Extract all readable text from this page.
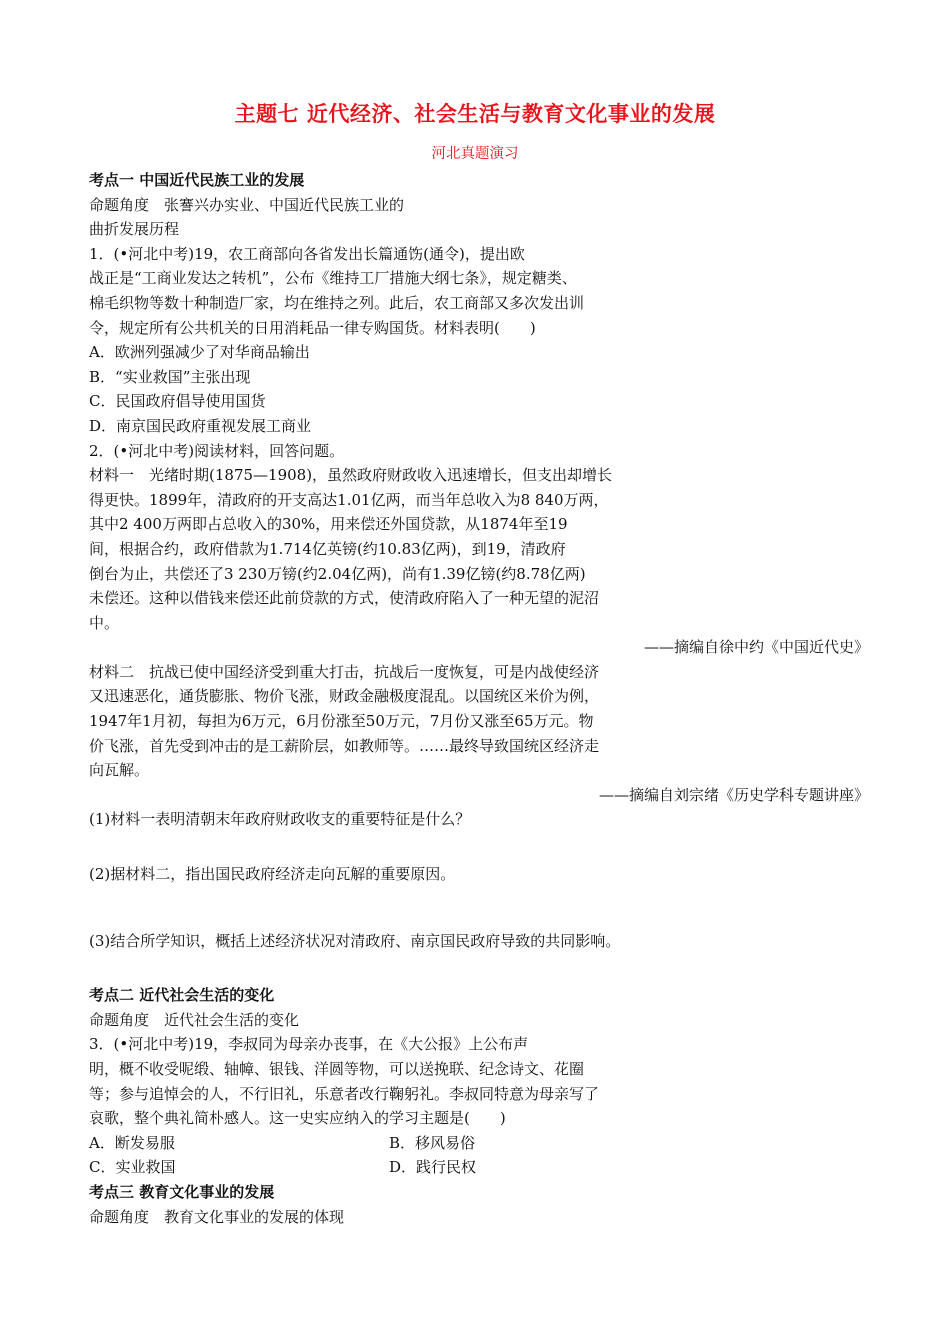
主题七 近代经济、社会生活与教育文化事业的发展
河北真题演习
考点一 中国近代民族工业的发展
命题角度　张謇兴办实业、中国近代民族工业的
曲折发展历程
1．(•河北中考)19，农工商部向各省发出长篇通饬(通令)，提出欧
战正是“工商业发达之转机”，公布《维持工厂措施大纲七条》，规定糖类、
棉毛织物等数十种制造厂家，均在维持之列。此后，农工商部又多次发出训
令，规定所有公共机关的日用消耗品一律专购国货。材料表明(　　)
A．欧洲列强减少了对华商品输出
B．“实业救国”主张出现
C．民国政府倡导使用国货
D．南京国民政府重视发展工商业
2．(•河北中考)阅读材料，回答问题。
材料一　光绪时期(1875—1908)，虽然政府财政收入迅速增长，但支出却增长
得更快。1899年，清政府的开支高达1.01亿两，而当年总收入为8 840万两，
其中2 400万两即占总收入的30%，用来偿还外国贷款，从1874年至19
间，根据合约，政府借款为1.714亿英镑(约10.83亿两)，到19，清政府
倒台为止，共偿还了3 230万镑(约2.04亿两)，尚有1.39亿镑(约8.78亿两)
未偿还。这种以借钱来偿还此前贷款的方式，使清政府陷入了一种无望的泥沼
中。
——摘编自徐中约《中国近代史》
材料二　抗战已使中国经济受到重大打击，抗战后一度恢复，可是内战使经济
又迅速恶化，通货膨胀、物价飞涨，财政金融极度混乱。以国统区米价为例，
1947年1月初，每担为6万元，6月份涨至50万元，7月份又涨至65万元。物
价飞涨，首先受到冲击的是工薪阶层，如教师等。……最终导致国统区经济走
向瓦解。
——摘编自刘宗绪《历史学科专题讲座》
(1)材料一表明清朝末年政府财政收支的重要特征是什么？
(2)据材料二，指出国民政府经济走向瓦解的重要原因。
(3)结合所学知识，概括上述经济状况对清政府、南京国民政府导致的共同影响。
考点二 近代社会生活的变化
命题角度　近代社会生活的变化
3．(•河北中考)19，李叔同为母亲办丧事，在《大公报》上公布声
明，概不收受呢缎、轴幛、银钱、洋圆等物，可以送挽联、纪念诗文、花圈
等；参与追悼会的人，不行旧礼，乐意者改行鞠躬礼。李叔同特意为母亲写了
哀歌，整个典礼简朴感人。这一史实应纳入的学习主题是(　　)
A．断发易服	B．移风易俗
C．实业救国	D．践行民权
考点三 教育文化事业的发展
命题角度　教育文化事业的发展的体现
